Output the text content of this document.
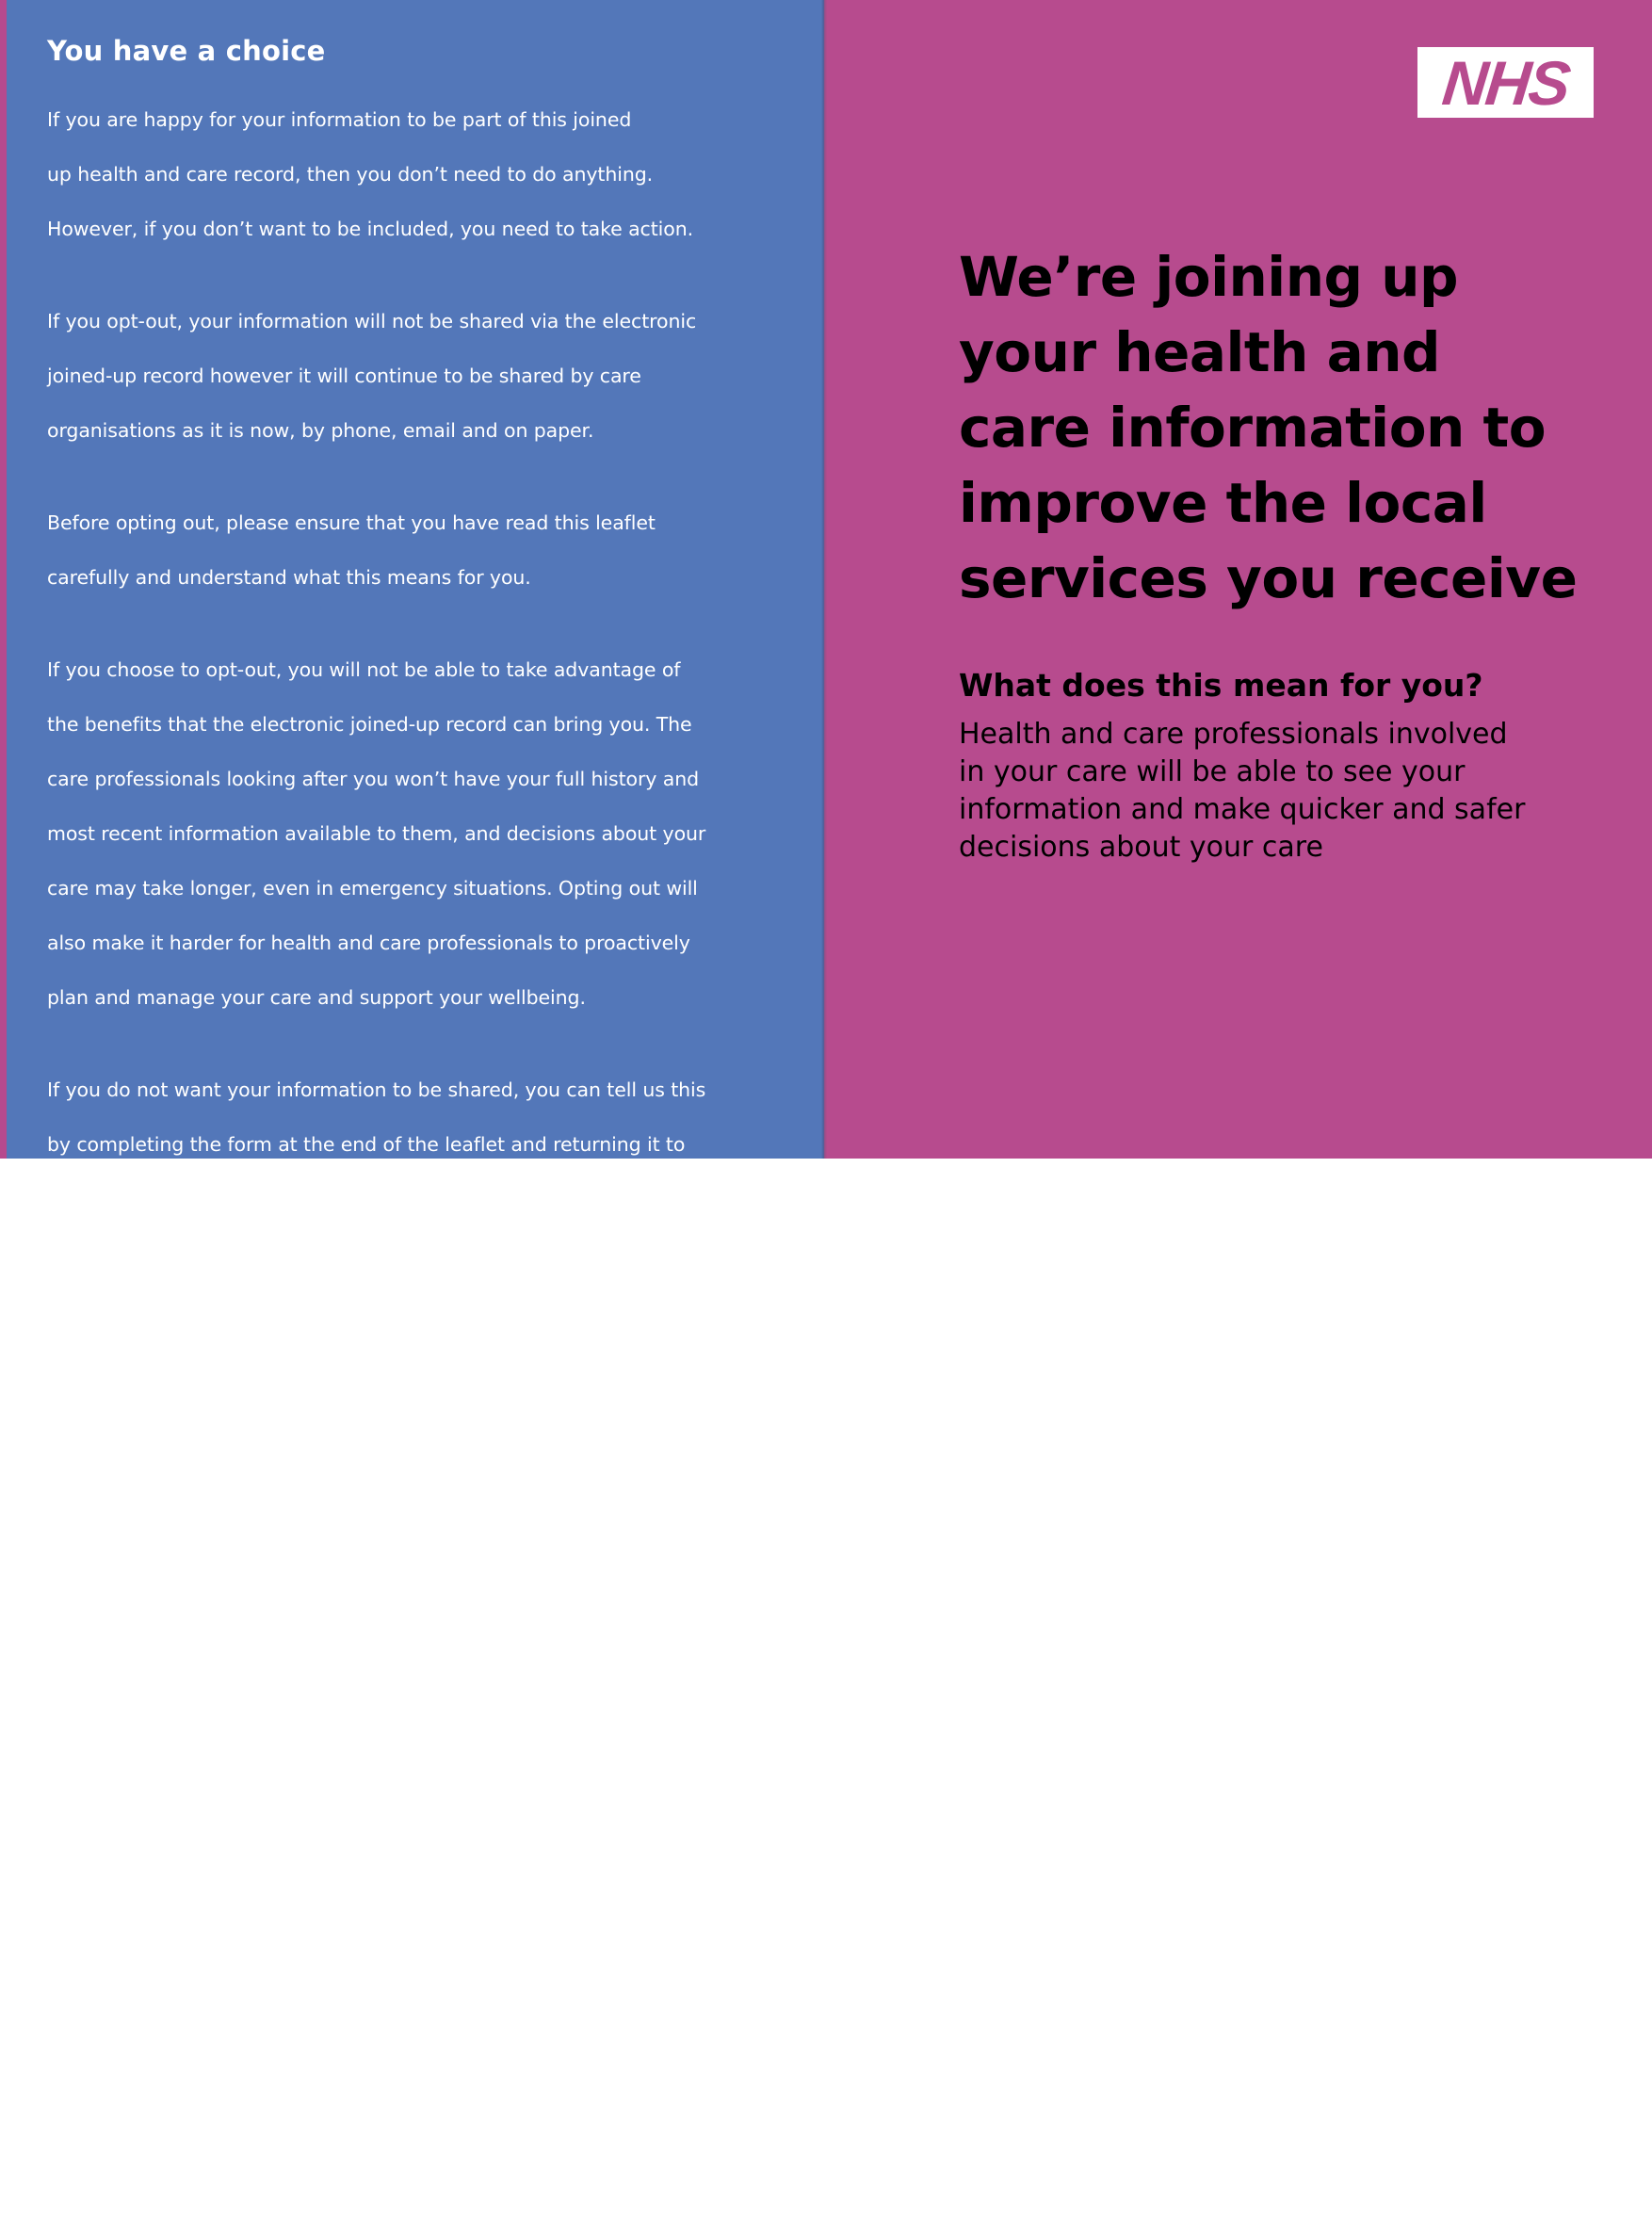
You have a choice

If you are happy for your information to be part of this joined

up health and care record, then you don’t need to do anything.

However, if you don’t want to be included, you need to take action.

If you opt-out, your information will not be shared via the electronic

joined-up record however it will continue to be shared by care

organisations as it is now, by phone, email and on paper.

Before opting out, please ensure that you have read this leaflet

carefully and understand what this means for you.

If you choose to opt-out, you will not be able to take advantage of

the benefits that the electronic joined-up record can bring you. The

care professionals looking after you won’t have your full history and

most recent information available to them, and decisions about your

care may take longer, even in emergency situations. Opting out will

also make it harder for health and care professionals to proactively

plan and manage your care and support your wellbeing.

If you do not want your information to be shared, you can tell us this

by completing the form at the end of the leaflet and returning it to

us, or using the form on our website.

If you would like to speak to someone about your options,

you can contact us via our website:

www.northlondonpartners.org.uk/joined-up-care-record

We ask you to think carefully before making a decision as sharing

your health and social care information will make it easier for services

to provide the best treatment and care for you. If you do opt out,

you can change your mind and opt back in at any time.

We need your NHS number to process your request. If you don’t

know your NHS number please visit:

https://www.england.nhs.uk/contact-us/how-can-we-help/

how-can-i-find-out-my-nhs-number/ or ask your GP practice.

You can also find an opt out form on our website:

www.northlondonpartners.org.uk/joined-up-care-record

You will receive confirmation on receipt of your request. Please

contact us if you would like to check this or do not receive this.

NHS
We’re joining up
your health and
care information to
improve the local
services you receive
What does this mean for you?

Health and care professionals involved
in your care will be able to see your
information and make quicker and safer
decisions about your care
